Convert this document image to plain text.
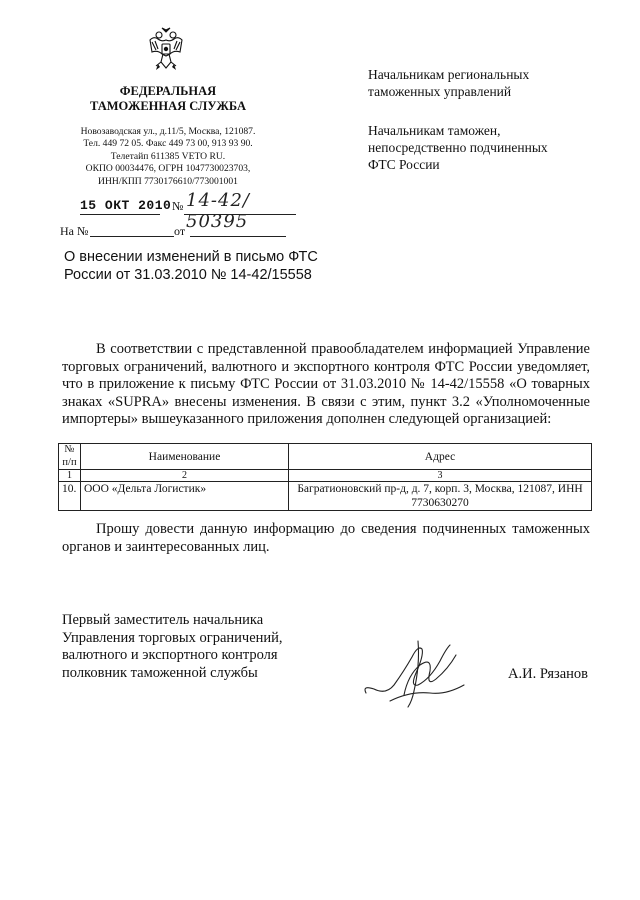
ФЕДЕРАЛЬНАЯ
ТАМОЖЕННАЯ СЛУЖБА
Новозаводская ул., д.11/5, Москва, 121087.
Тел. 449 72 05. Факс 449 73 00, 913 93 90.
Телетайп 611385 VETO RU.
ОКПО 00034476, ОГРН 1047730023703,
ИНН/КПП 7730176610/773001001
15 ОКТ 2010 № 14-42/ 50395
На №	от
Начальникам региональных
таможенных управлений
Начальникам таможен,
непосредственно подчиненных
ФТС России
О внесении изменений в письмо ФТС
России от 31.03.2010 № 14-42/15558
В соответствии с представленной правообладателем информацией Управление торговых ограничений, валютного и экспортного контроля ФТС России уведомляет, что в приложение к письму ФТС России от 31.03.2010 № 14-42/15558 «О товарных знаках «SUPRA» внесены изменения. В связи с этим, пункт 3.2 «Уполномоченные импортеры» вышеуказанного приложения дополнен следующей организацией:
№ п/п	Наименование	Адрес
1	2	3
10.	ООО «Дельта Логистик»	Багратионовский пр-д, д. 7, корп. 3, Москва, 121087, ИНН 7730630270
Прошу довести данную информацию до сведения подчиненных таможенных органов и заинтересованных лиц.
Первый заместитель начальника
Управления торговых ограничений,
валютного и экспортного контроля
полковник таможенной службы	А.И. Рязанов
